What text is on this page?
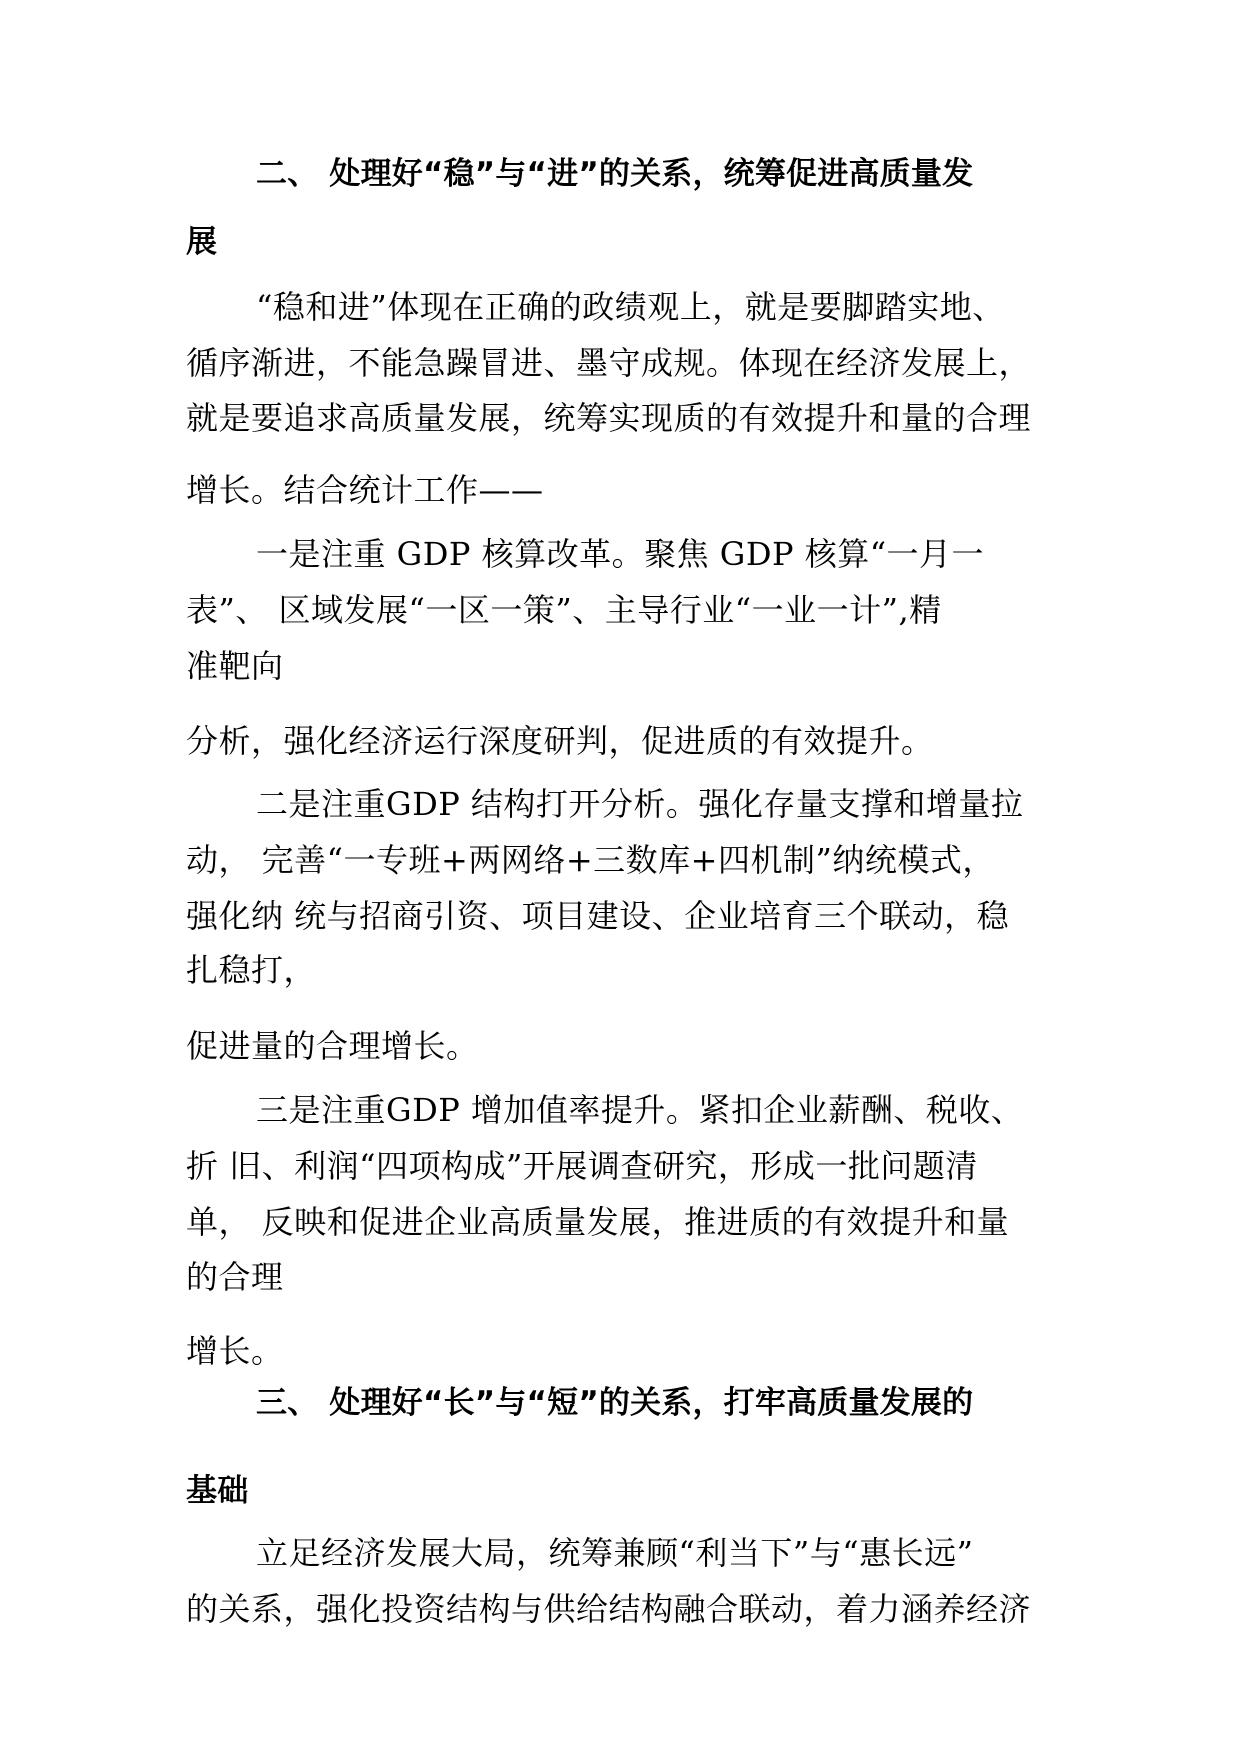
二、 处理好“稳”与“进”的关系，统筹促进高质量发
展
“稳和进”体现在正确的政绩观上，就是要脚踏实地、
循序渐进，不能急躁冒进、墨守成规。体现在经济发展上，
就是要追求高质量发展，统筹实现质的有效提升和量的合理
增长。结合统计工作——
一是注重 GDP 核算改革。聚焦 GDP 核算“一月一
表”、 区域发展“一区一策”、主导行业“一业一计”,精
准靶向
分析，强化经济运行深度研判，促进质的有效提升。
二是注重GDP 结构打开分析。强化存量支撑和增量拉
动， 完善“一专班+两网络+三数库+四机制”纳统模式，
强化纳 统与招商引资、项目建设、企业培育三个联动，稳
扎稳打，
促进量的合理增长。
三是注重GDP 增加值率提升。紧扣企业薪酬、税收、
折 旧、利润“四项构成”开展调查研究，形成一批问题清
单， 反映和促进企业高质量发展，推进质的有效提升和量
的合理
增长。
三、 处理好“长”与“短”的关系，打牢高质量发展的
基础
立足经济发展大局，统筹兼顾“利当下”与“惠长远”
的关系，强化投资结构与供给结构融合联动，着力涵养经济
